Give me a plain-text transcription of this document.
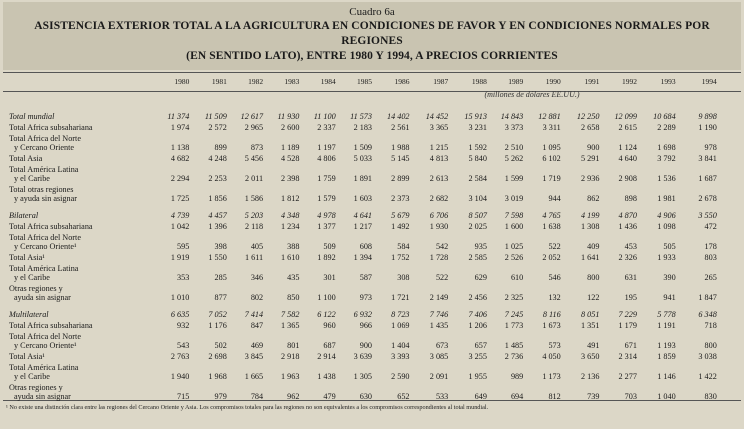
Cuadro 6a
ASISTENCIA EXTERIOR TOTAL A LA AGRICULTURA EN CONDICIONES DE FAVOR Y EN CONDICIONES NORMALES POR REGIONES
(EN SENTIDO LATO), ENTRE 1980 Y 1994, A PRECIOS CORRIENTES
1980	1981	1982	1983	1984	1985	1986	1987	1988	1989	1990	1991	1992	1993	1994
(millones de dólares EE.UU.)
Total mundial	11 374	11 509	12 617	11 930	11 100	11 573	14 402	14 452	15 913	14 843	12 881	12 250	12 099	10 684	9 898
Total Africa subsahariana	1 974	2 572	2 965	2 600	2 337	2 183	2 561	3 365	3 231	3 373	3 311	2 658	2 615	2 289	1 190
Total Africa del Norte
y Cercano Oriente	1 138	899	873	1 189	1 197	1 509	1 988	1 215	1 592	2 510	1 095	900	1 124	1 698	978
Total Asia	4 682	4 248	5 456	4 528	4 806	5 033	5 145	4 813	5 840	5 262	6 102	5 291	4 640	3 792	3 841
Total América Latina
y el Caribe	2 294	2 253	2 011	2 398	1 759	1 891	2 899	2 613	2 584	1 599	1 719	2 936	2 908	1 536	1 687
Total otras regiones
y ayuda sin asignar	1 725	1 856	1 586	1 812	1 579	1 603	2 373	2 682	3 104	3 019	944	862	898	1 981	2 678
Bilateral	4 739	4 457	5 203	4 348	4 978	4 641	5 679	6 706	8 507	7 598	4 765	4 199	4 870	4 906	3 550
Total Africa subsahariana	1 042	1 396	2 118	1 234	1 377	1 217	1 492	1 930	2 025	1 600	1 638	1 308	1 436	1 098	472
Total Africa del Norte
y Cercano Oriente¹	595	398	405	388	509	608	584	542	935	1 025	522	409	453	505	178
Total Asia¹	1 919	1 550	1 611	1 610	1 892	1 394	1 752	1 728	2 585	2 526	2 052	1 641	2 326	1 933	803
Total América Latina
y el Caribe	353	285	346	435	301	587	308	522	629	610	546	800	631	390	265
Otras regiones y
ayuda sin asignar	1 010	877	802	850	1 100	973	1 721	2 149	2 456	2 325	132	122	195	941	1 847
Multilateral	6 635	7 052	7 414	7 582	6 122	6 932	8 723	7 746	7 406	7 245	8 116	8 051	7 229	5 778	6 348
Total Africa subsahariana	932	1 176	847	1 365	960	966	1 069	1 435	1 206	1 773	1 673	1 351	1 179	1 191	718
Total Africa del Norte
y Cercano Oriente¹	543	502	469	801	687	900	1 404	673	657	1 485	573	491	671	1 193	800
Total Asia¹	2 763	2 698	3 845	2 918	2 914	3 639	3 393	3 085	3 255	2 736	4 050	3 650	2 314	1 859	3 038
Total América Latina
y el Caribe	1 940	1 968	1 665	1 963	1 438	1 305	2 590	2 091	1 955	989	1 173	2 136	2 277	1 146	1 422
Otras regiones y
ayuda sin asignar	715	979	784	962	479	630	652	533	649	694	812	739	703	1 040	830
¹ No existe una distinción clara entre las regiones del Cercano Oriente y Asia. Los compromisos totales para las regiones no son equivalentes a los compromisos correspondientes al total mundial.
